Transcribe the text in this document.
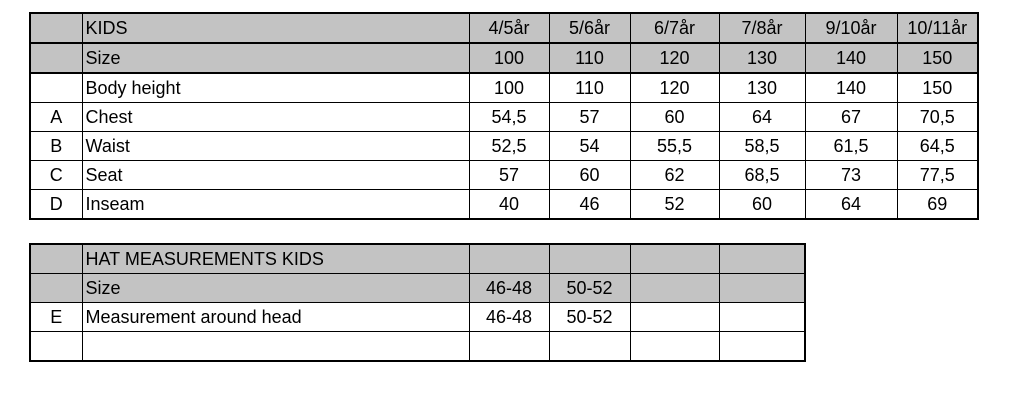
	KIDS	4/5år	5/6år	6/7år	7/8år	9/10år	10/11år
	Size	100	110	120	130	140	150
	Body height	100	110	120	130	140	150
A	Chest	54,5	57	60	64	67	70,5
B	Waist	52,5	54	55,5	58,5	61,5	64,5
C	Seat	57	60	62	68,5	73	77,5
D	Inseam	40	46	52	60	64	69
	HAT MEASUREMENTS KIDS				
	Size	46-48	50-52		
E	Measurement around head	46-48	50-52		
